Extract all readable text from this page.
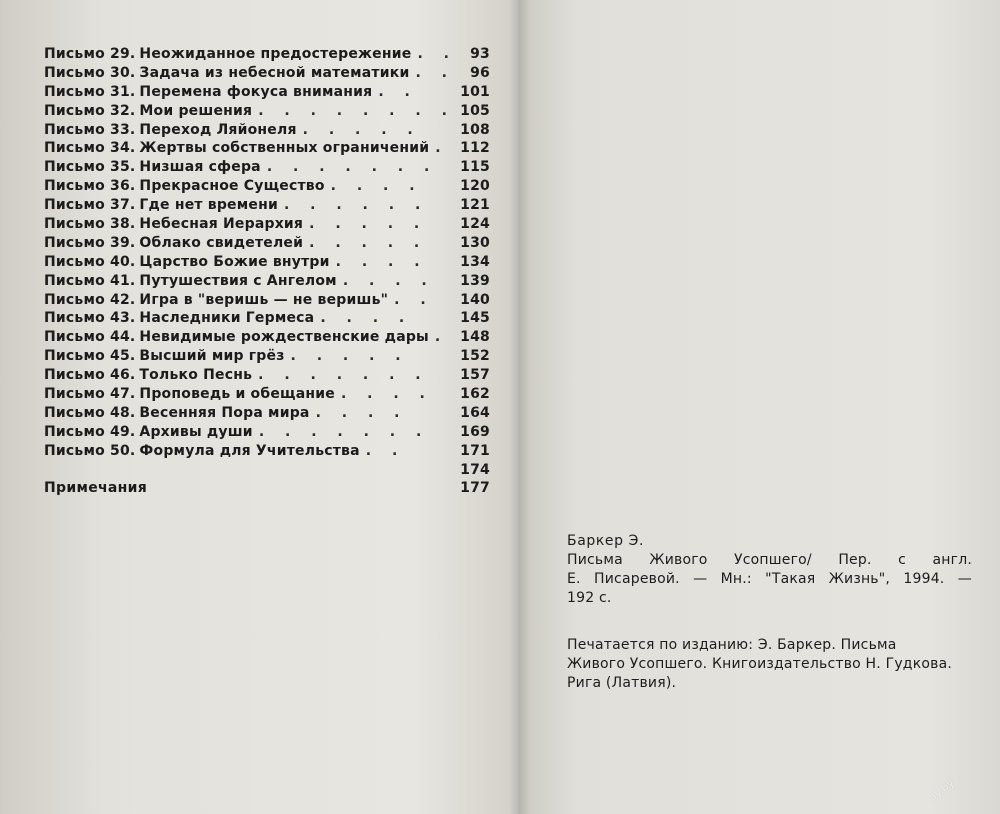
Письмо 29. Неожиданное предостережение . . 93
Письмо 30. Задача из небесной математики . . 96
Письмо 31. Перемена фокуса внимания . .	101
Письмо 32. Мои решения . . . . . . . . 105
Письмо 33. Переход Ляйонеля . . . . .	108
Письмо 34. Жертвы собственных ограничений . 112
Письмо 35. Низшая сфера . . . . . . . 115
Письмо 36. Прекрасное Существо . . . .	120
Письмо 37. Где нет времени . . . . . . 121
Письмо 38. Небесная Иерархия . . . . . 124
Письмо 39. Облако свидетелей . . . . . 130
Письмо 40. Царство Божие внутри . . . . 134
Письмо 41. Путушествия с Ангелом . . . . 139
Письмо 42. Игра в "веришь — не веришь" . . 140
Письмо 43. Наследники Гермеса . . . .	145
Письмо 44. Невидимые рождественские дары . 148
Письмо 45. Высший мир грёз . . . . .	152
Письмо 46. Только Песнь . . . . . . . 157
Письмо 47. Проповедь и обещание . . . . 162
Письмо 48. Весенняя Пора мира . . . .	164
Письмо 49. Архивы души . . . . . . . 169
Письмо 50. Формула для Учительства . .	171
174
Примечания	177

Баркер Э.

Письма Живого Усопшего/ Пер. с англ.

Е. Писаревой. — Мн.: "Такая Жизнь", 1994. —

192 с.

Печатается по изданию: Э. Баркер. Письма

Живого Усопшего. Книгоиздательство Н. Гудкова.

Рига (Латвия).

ay.by
